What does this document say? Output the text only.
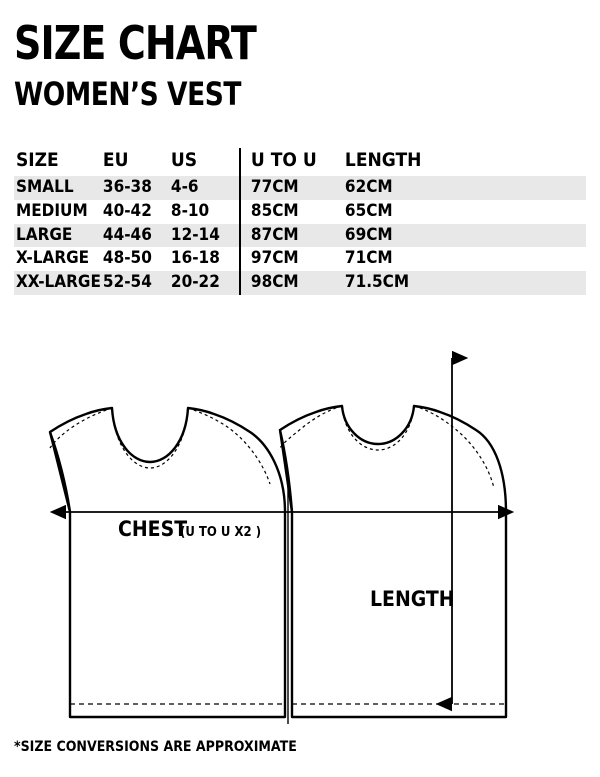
SIZE CHART
WOMEN’S VEST
SIZE	EU	US	U TO U	LENGTH
SMALL	36-38	4-6	77CM	62CM
MEDIUM	40-42	8-10	85CM	65CM
LARGE	44-46	12-14	87CM	69CM
X-LARGE	48-50	16-18	97CM	71CM
XX-LARGE	52-54	20-22	98CM	71.5CM
CHEST
(U TO U X2 )
LENGTH
*SIZE CONVERSIONS ARE APPROXIMATE
